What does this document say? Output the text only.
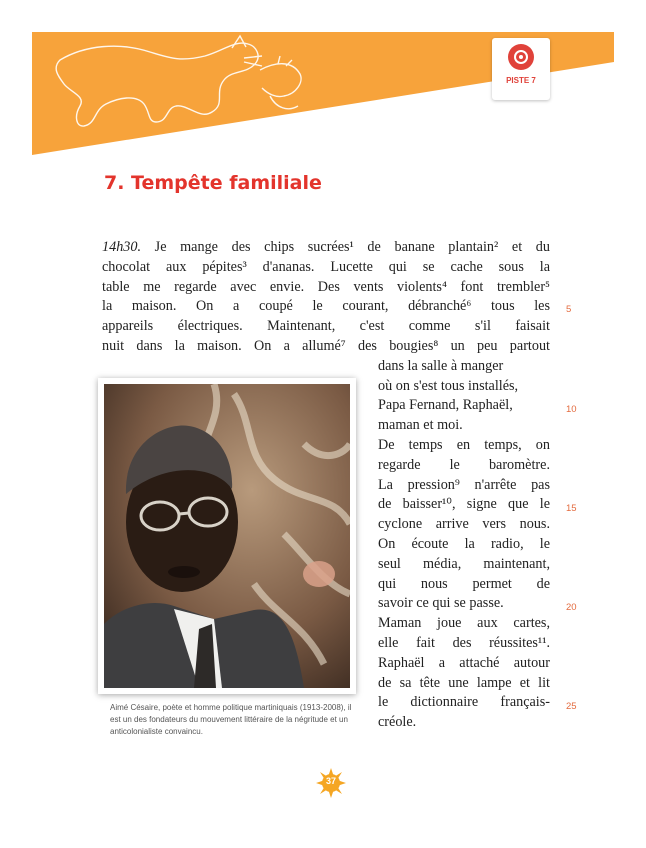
PISTE 7
7. Tempête familiale
14h30. Je mange des chips sucrées¹ de banane plantain² et du
chocolat aux pépites³ d'ananas. Lucette qui se cache sous la
table me regarde avec envie. Des vents violents⁴ font trembler⁵
la maison. On a coupé le courant, débranché⁶ tous les
appareils électriques. Maintenant, c'est comme s'il faisait
nuit dans la maison. On a allumé⁷ des bougies⁸ un peu partout
dans la salle à manger
où on s'est tous installés,
Papa Fernand, Raphaël,
maman et moi.
De temps en temps, on
regarde le baromètre.
La pression⁹ n'arrête pas
de baisser¹⁰, signe que le
cyclone arrive vers nous.
On écoute la radio, le
seul média, maintenant,
qui nous permet de
savoir ce qui se passe.
Maman joue aux cartes,
elle fait des réussites¹¹.
Raphaël a attaché autour
de sa tête une lampe et lit
le dictionnaire français-
créole.
5
10
15
20
25

Aimé Césaire, poète et homme politique martiniquais (1913-2008), il est un des fondateurs du mouvement littéraire de la négritude et un anticolonialiste convaincu.

37
